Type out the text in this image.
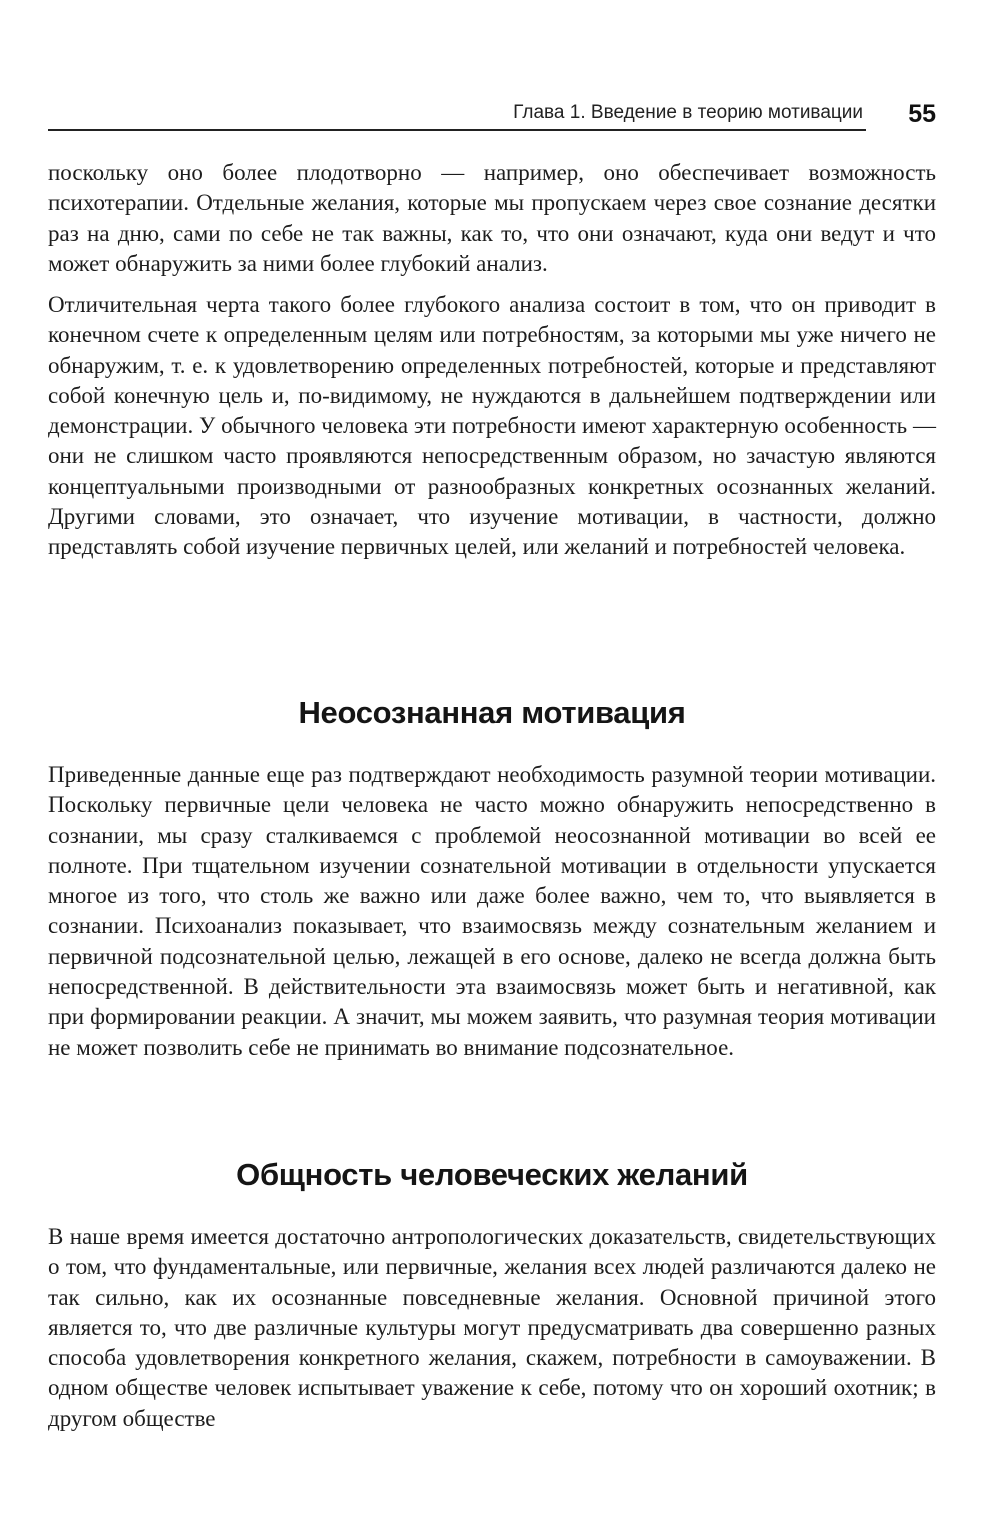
Глава 1. Введение в теорию мотивации 55

поскольку оно более плодотворно — например, оно обеспечивает возможность психотерапии. Отдельные желания, которые мы пропускаем через свое сознание десятки раз на дню, сами по себе не так важны, как то, что они означают, куда они ведут и что может обнаружить за ними более глубокий анализ.

Отличительная черта такого более глубокого анализа состоит в том, что он приводит в конечном счете к определенным целям или потребностям, за которыми мы уже ничего не обнаружим, т. е. к удовлетворению определенных потребностей, которые и представляют собой конечную цель и, по-видимому, не нуждаются в дальнейшем подтверждении или демонстрации. У обычного человека эти потребности имеют характерную особенность — они не слишком часто проявляются непосредственным образом, но зачастую являются концептуальными производными от разнообразных конкретных осознанных желаний. Другими словами, это означает, что изучение мотивации, в частности, должно представлять собой изучение первичных целей, или желаний и потребностей человека.

Неосознанная мотивация

Приведенные данные еще раз подтверждают необходимость разумной теории мотивации. Поскольку первичные цели человека не часто можно обнаружить непосредственно в сознании, мы сразу сталкиваемся с проблемой неосознанной мотивации во всей ее полноте. При тщательном изучении сознательной мотивации в отдельности упускается многое из того, что столь же важно или даже более важно, чем то, что выявляется в сознании. Психоанализ показывает, что взаимосвязь между сознательным желанием и первичной подсознательной целью, лежащей в его основе, далеко не всегда должна быть непосредственной. В действительности эта взаимосвязь может быть и негативной, как при формировании реакции. А значит, мы можем заявить, что разумная теория мотивации не может позволить себе не принимать во внимание подсознательное.

Общность человеческих желаний

В наше время имеется достаточно антропологических доказательств, свидетельствующих о том, что фундаментальные, или первичные, желания всех людей различаются далеко не так сильно, как их осознанные повседневные желания. Основной причиной этого является то, что две различные культуры могут предусматривать два совершенно разных способа удовлетворения конкретного желания, скажем, потребности в самоуважении. В одном обществе человек испытывает уважение к себе, потому что он хороший охотник; в другом обществе
